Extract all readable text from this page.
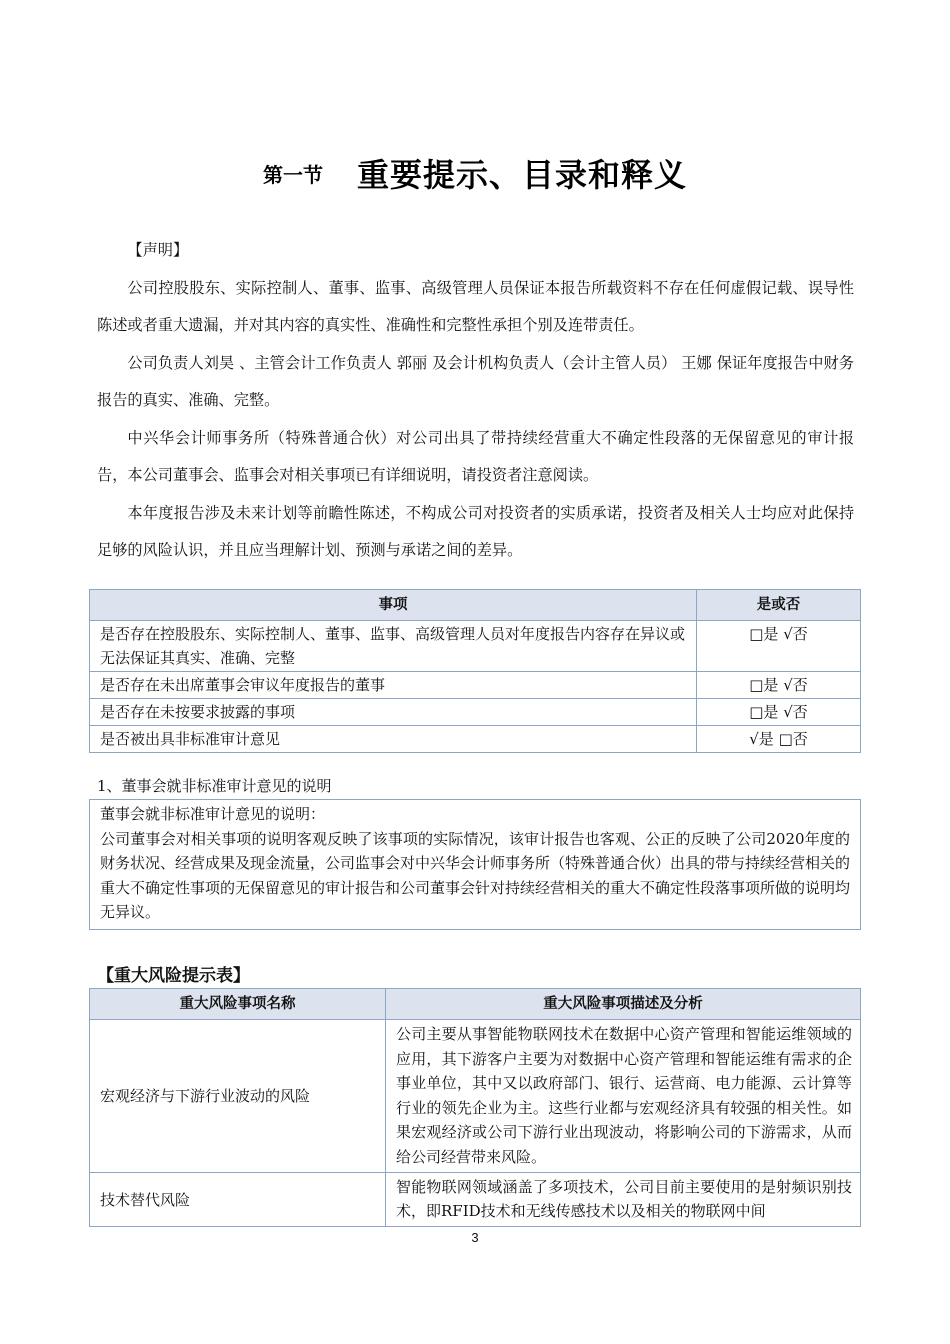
第一节 重要提示、目录和释义

【声明】

公司控股股东、实际控制人、董事、监事、高级管理人员保证本报告所载资料不存在任何虚假记载、误导性陈述或者重大遗漏，并对其内容的真实性、准确性和完整性承担个别及连带责任。

公司负责人刘昊 、主管会计工作负责人 郭丽 及会计机构负责人（会计主管人员） 王娜 保证年度报告中财务报告的真实、准确、完整。

中兴华会计师事务所（特殊普通合伙）对公司出具了带持续经营重大不确定性段落的无保留意见的审计报告，本公司董事会、监事会对相关事项已有详细说明，请投资者注意阅读。

本年度报告涉及未来计划等前瞻性陈述，不构成公司对投资者的实质承诺，投资者及相关人士均应对此保持足够的风险认识，并且应当理解计划、预测与承诺之间的差异。

事项	是或否
是否存在控股股东、实际控制人、董事、监事、高级管理人员对年度报告内容存在异议或无法保证其真实、准确、完整	□是 √否
是否存在未出席董事会审议年度报告的董事	□是 √否
是否存在未按要求披露的事项	□是 √否
是否被出具非标准审计意见	√是 □否
1、董事会就非标准审计意见的说明
董事会就非标准审计意见的说明：
公司董事会对相关事项的说明客观反映了该事项的实际情况，该审计报告也客观、公正的反映了公司2020年度的财务状况、经营成果及现金流量，公司监事会对中兴华会计师事务所（特殊普通合伙）出具的带与持续经营相关的重大不确定性事项的无保留意见的审计报告和公司董事会针对持续经营相关的重大不确定性段落事项所做的说明均无异议。
【重大风险提示表】
重大风险事项名称	重大风险事项描述及分析
宏观经济与下游行业波动的风险	公司主要从事智能物联网技术在数据中心资产管理和智能运维领域的应用，其下游客户主要为对数据中心资产管理和智能运维有需求的企事业单位，其中又以政府部门、银行、运营商、电力能源、云计算等行业的领先企业为主。这些行业都与宏观经济具有较强的相关性。如果宏观经济或公司下游行业出现波动，将影响公司的下游需求，从而给公司经营带来风险。
技术替代风险	智能物联网领域涵盖了多项技术，公司目前主要使用的是射频识别技术，即RFID技术和无线传感技术以及相关的物联网中间
3
